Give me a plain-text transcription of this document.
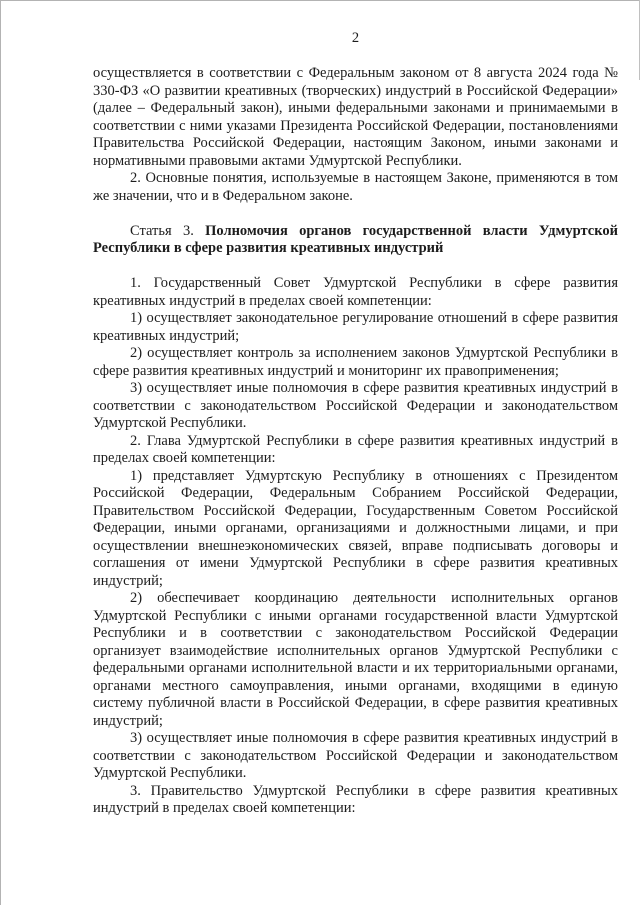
2

осуществляется в соответствии с Федеральным законом от 8 августа 2024 года № 330-ФЗ «О развитии креативных (творческих) индустрий в Российской Федерации» (далее – Федеральный закон), иными федеральными законами и принимаемыми в соответствии с ними указами Президента Российской Федерации, постановлениями Правительства Российской Федерации, настоящим Законом, иными законами и нормативными правовыми актами Удмуртской Республики.

2. Основные понятия, используемые в настоящем Законе, применяются в том же значении, что и в Федеральном законе.

Статья 3. Полномочия органов государственной власти Удмуртской Республики в сфере развития креативных индустрий

1. Государственный Совет Удмуртской Республики в сфере развития креативных индустрий в пределах своей компетенции:

1) осуществляет законодательное регулирование отношений в сфере развития креативных индустрий;

2) осуществляет контроль за исполнением законов Удмуртской Республики в сфере развития креативных индустрий и мониторинг их правоприменения;

3) осуществляет иные полномочия в сфере развития креативных индустрий в соответствии с законодательством Российской Федерации и законодательством Удмуртской Республики.

2. Глава Удмуртской Республики в сфере развития креативных индустрий в пределах своей компетенции:

1) представляет Удмуртскую Республику в отношениях с Президентом Российской Федерации, Федеральным Собранием Российской Федерации, Правительством Российской Федерации, Государственным Советом Российской Федерации, иными органами, организациями и должностными лицами, и при осуществлении внешнеэкономических связей, вправе подписывать договоры и соглашения от имени Удмуртской Республики в сфере развития креативных индустрий;

2) обеспечивает координацию деятельности исполнительных органов Удмуртской Республики с иными органами государственной власти Удмуртской Республики и в соответствии с законодательством Российской Федерации организует взаимодействие исполнительных органов Удмуртской Республики с федеральными органами исполнительной власти и их территориальными органами, органами местного самоуправления, иными органами, входящими в единую систему публичной власти в Российской Федерации, в сфере развития креативных индустрий;

3) осуществляет иные полномочия в сфере развития креативных индустрий в соответствии с законодательством Российской Федерации и законодательством Удмуртской Республики.

3. Правительство Удмуртской Республики в сфере развития креативных индустрий в пределах своей компетенции:
